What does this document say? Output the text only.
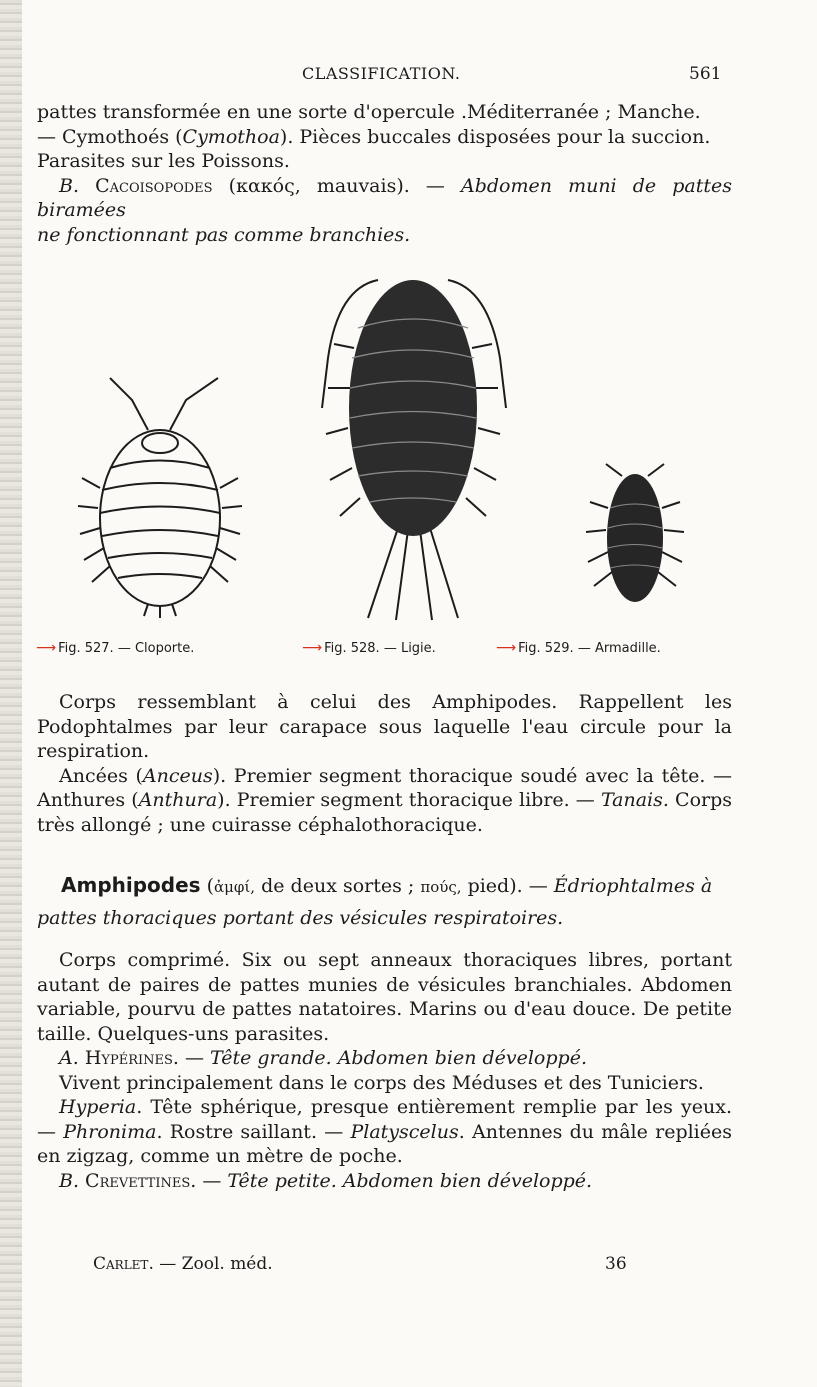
CLASSIFICATION.	561

pattes transformée en une sorte d'opercule .Méditerranée ; Manche.

— Cymothoés (Cymothoa). Pièces buccales disposées pour la succion.

Parasites sur les Poissons.

B. Cacoisopodes (κακός, mauvais). — Abdomen muni de pattes biramées

ne fonctionnant pas comme branchies.

⟶ Fig. 527. — Cloporte.	⟶ Fig. 528. — Ligie.	⟶ Fig. 529. — Armadille.

Corps ressemblant à celui des Amphipodes. Rappellent les Podophtalmes par leur carapace sous laquelle l'eau circule pour la respiration.

Ancées (Anceus). Premier segment thoracique soudé avec la tête. — Anthures (Anthura). Premier segment thoracique libre. — Tanais. Corps très allongé ; une cuirasse céphalothoracique.

Amphipodes (ἀμφί, de deux sortes ; πούς, pied). — Édriophtalmes à pattes thoraciques portant des vésicules respiratoires.

Corps comprimé. Six ou sept anneaux thoraciques libres, portant autant de paires de pattes munies de vésicules branchiales. Abdomen variable, pourvu de pattes natatoires. Marins ou d'eau douce. De petite taille. Quelques-uns parasites.

A. Hypérines. — Tête grande. Abdomen bien développé.

Vivent principalement dans le corps des Méduses et des Tuniciers.

Hyperia. Tête sphérique, presque entièrement remplie par les yeux. — Phronima. Rostre saillant. — Platyscelus. Antennes du mâle repliées en zigzag, comme un mètre de poche.

B. Crevettines. — Tête petite. Abdomen bien développé.

Carlet. — Zool. méd.	36
